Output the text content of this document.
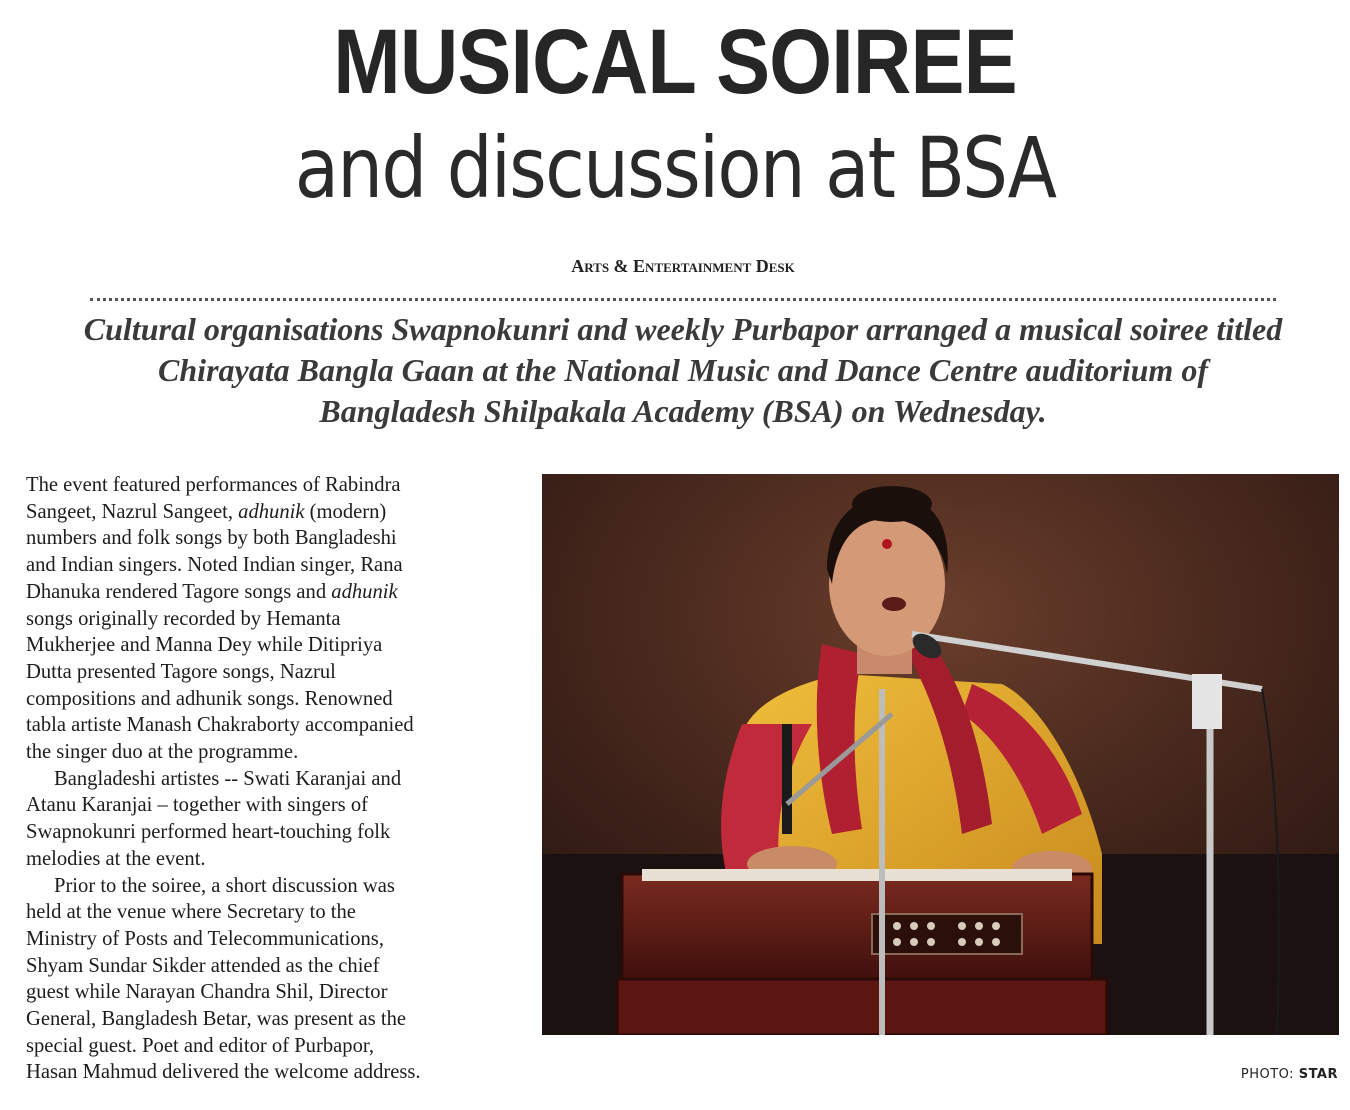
MUSICAL SOIREE
and discussion at BSA
Arts & Entertainment Desk
Cultural organisations Swapnokunri and weekly Purbapor arranged a musical soiree titled Chirayata Bangla Gaan at the National Music and Dance Centre auditorium of Bangladesh Shilpakala Academy (BSA) on Wednesday.

The event featured performances of Rabindra

Sangeet, Nazrul Sangeet, adhunik (modern)

numbers and folk songs by both Bangladeshi

and Indian singers. Noted Indian singer, Rana

Dhanuka rendered Tagore songs and adhunik

songs originally recorded by Hemanta

Mukherjee and Manna Dey while Ditipriya

Dutta presented Tagore songs, Nazrul

compositions and adhunik songs. Renowned

tabla artiste Manash Chakraborty accompanied

the singer duo at the programme.

Bangladeshi artistes -- Swati Karanjai and

Atanu Karanjai – together with singers of

Swapnokunri performed heart-touching folk

melodies at the event.

Prior to the soiree, a short discussion was

held at the venue where Secretary to the

Ministry of Posts and Telecommunications,

Shyam Sundar Sikder attended as the chief

guest while Narayan Chandra Shil, Director

General, Bangladesh Betar, was present as the

special guest. Poet and editor of Purbapor,

Hasan Mahmud delivered the welcome address.	PHOTO: STAR
